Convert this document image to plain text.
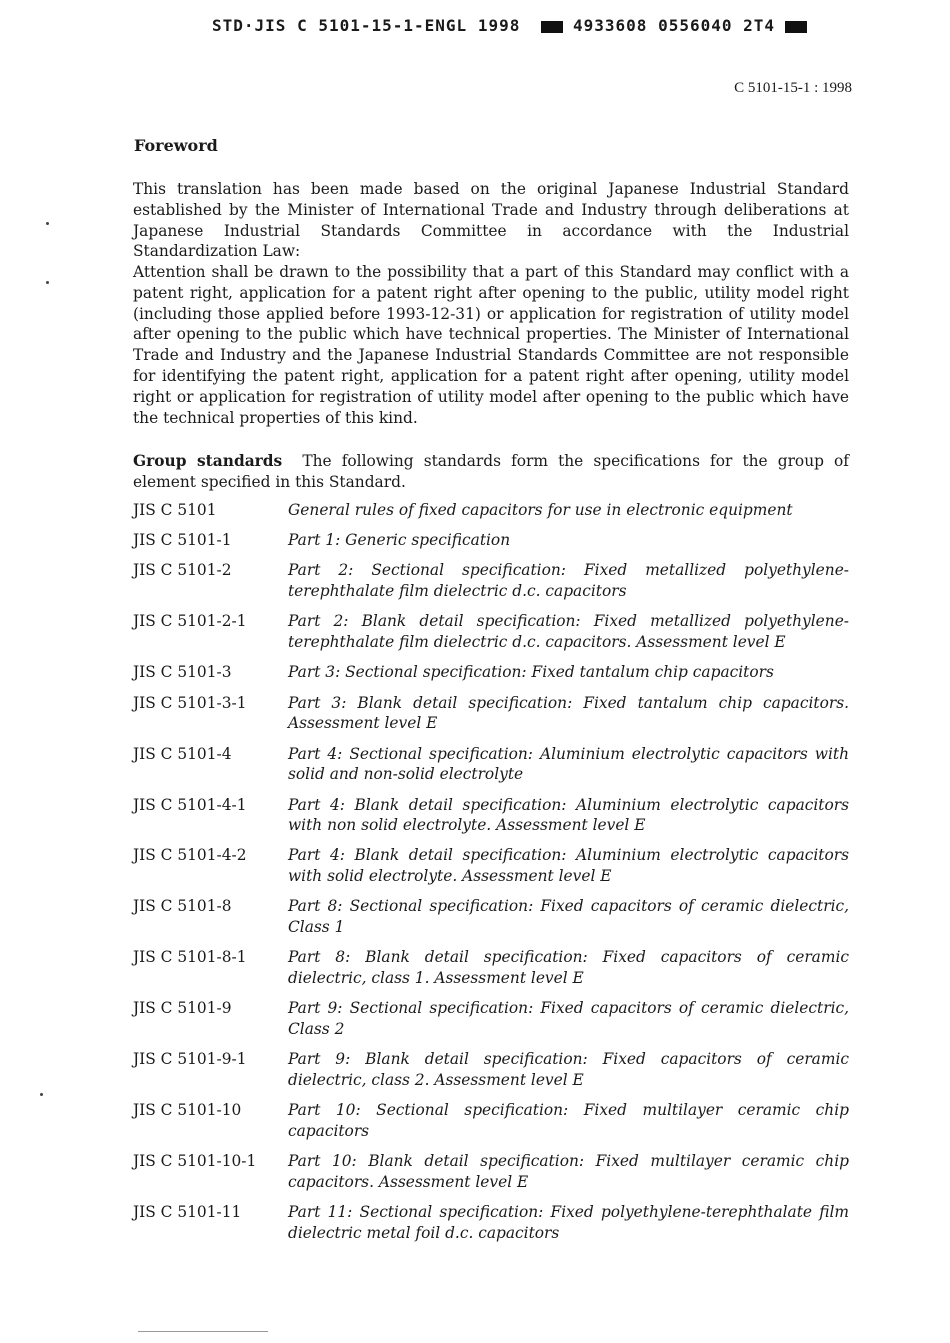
STD·JIS C 5101-15-1-ENGL 1998	4933608 0556040 2T4
C 5101-15-1 : 1998
Foreword

This translation has been made based on the original Japanese Industrial Standard established by the Minister of International Trade and Industry through deliberations at Japanese Industrial Standards Committee in accordance with the Industrial Standardization Law:

Attention shall be drawn to the possibility that a part of this Standard may conflict with a patent right, application for a patent right after opening to the public, utility model right (including those applied before 1993-12-31) or application for registration of utility model after opening to the public which have technical properties. The Minister of International Trade and Industry and the Japanese Industrial Standards Committee are not responsible for identifying the patent right, application for a patent right after opening, utility model right or application for registration of utility model after opening to the public which have the technical properties of this kind.

Group standards The following standards form the specifications for the group of element specified in this Standard.

JIS C 5101	General rules of fixed capacitors for use in electronic equipment
JIS C 5101-1	Part 1: Generic specification
JIS C 5101-2	Part 2: Sectional specification: Fixed metallized polyethylene-terephthalate film dielectric d.c. capacitors
JIS C 5101-2-1	Part 2: Blank detail specification: Fixed metallized polyethylene-terephthalate film dielectric d.c. capacitors. Assessment level E
JIS C 5101-3	Part 3: Sectional specification: Fixed tantalum chip capacitors
JIS C 5101-3-1	Part 3: Blank detail specification: Fixed tantalum chip capacitors. Assessment level E
JIS C 5101-4	Part 4: Sectional specification: Aluminium electrolytic capacitors with solid and non-solid electrolyte
JIS C 5101-4-1	Part 4: Blank detail specification: Aluminium electrolytic capacitors with non solid electrolyte. Assessment level E
JIS C 5101-4-2	Part 4: Blank detail specification: Aluminium electrolytic capacitors with solid electrolyte. Assessment level E
JIS C 5101-8	Part 8: Sectional specification: Fixed capacitors of ceramic dielectric, Class 1
JIS C 5101-8-1	Part 8: Blank detail specification: Fixed capacitors of ceramic dielectric, class 1. Assessment level E
JIS C 5101-9	Part 9: Sectional specification: Fixed capacitors of ceramic dielectric, Class 2
JIS C 5101-9-1	Part 9: Blank detail specification: Fixed capacitors of ceramic dielectric, class 2. Assessment level E
JIS C 5101-10	Part 10: Sectional specification: Fixed multilayer ceramic chip capacitors
JIS C 5101-10-1	Part 10: Blank detail specification: Fixed multilayer ceramic chip capacitors. Assessment level E
JIS C 5101-11	Part 11: Sectional specification: Fixed polyethylene-terephthalate film dielectric metal foil d.c. capacitors
